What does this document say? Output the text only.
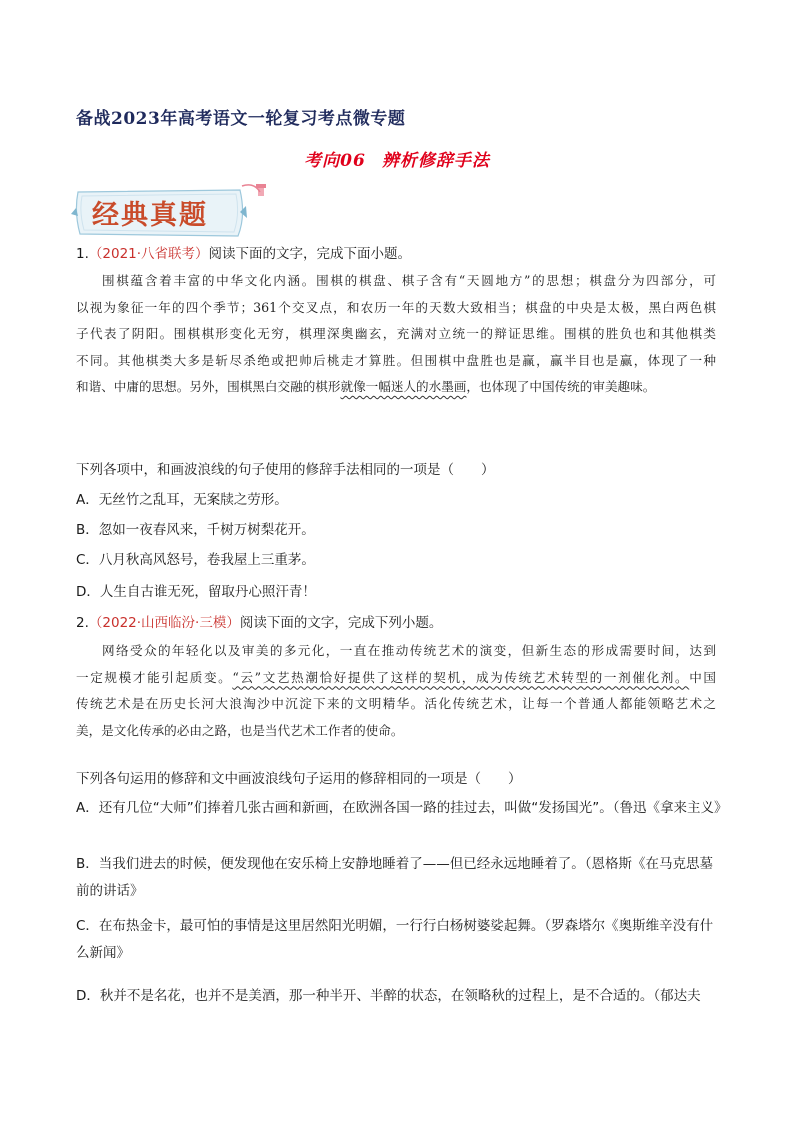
备战2023年高考语文一轮复习考点微专题
考向06 辨析修辞手法
经典真题
1.（2021·八省联考）阅读下面的文字，完成下面小题。
围棋蕴含着丰富的中华文化内涵。围棋的棋盘、棋子含有“天圆地方”的思想；棋盘分为四部分，可
以视为象征一年的四个季节；361个交叉点，和农历一年的天数大致相当；棋盘的中央是太极，黑白两色棋
子代表了阴阳。围棋棋形变化无穷，棋理深奥幽玄，充满对立统一的辩证思维。围棋的胜负也和其他棋类
不同。其他棋类大多是斩尽杀绝或把帅后桃走才算胜。但围棋中盘胜也是赢，赢半目也是赢，体现了一种
和谐、中庸的思想。另外，围棋黑白交融的棋形就像一幅迷人的水墨画，也体现了中国传统的审美趣味。
下列各项中，和画波浪线的句子使用的修辞手法相同的一项是（　　）
A．无丝竹之乱耳，无案牍之劳形。
B．忽如一夜春风来，千树万树梨花开。
C．八月秋高风怒号，卷我屋上三重茅。
D．人生自古谁无死，留取丹心照汗青！
2.（2022·山西临汾·三模）阅读下面的文字，完成下列小题。
网络受众的年轻化以及审美的多元化，一直在推动传统艺术的演变，但新生态的形成需要时间，达到
一定规模才能引起质变。“云”文艺热潮恰好提供了这样的契机，成为传统艺术转型的一剂催化剂。中国
传统艺术是在历史长河大浪淘沙中沉淀下来的文明精华。活化传统艺术，让每一个普通人都能领略艺术之
美，是文化传承的必由之路，也是当代艺术工作者的使命。
下列各句运用的修辞和文中画波浪线句子运用的修辞相同的一项是（　　）
A．还有几位“大师”们捧着几张古画和新画，在欧洲各国一路的挂过去，叫做“发扬国光”。（鲁迅《拿来主义》
B．当我们进去的时候，便发现他在安乐椅上安静地睡着了——但已经永远地睡着了。（恩格斯《在马克思墓前的讲话》
C．在布热金卡，最可怕的事情是这里居然阳光明媚，一行行白杨树婆娑起舞。（罗森塔尔《奥斯维辛没有什么新闻》
D．秋并不是名花，也并不是美酒，那一种半开、半醉的状态，在领略秋的过程上，是不合适的。（郁达夫
